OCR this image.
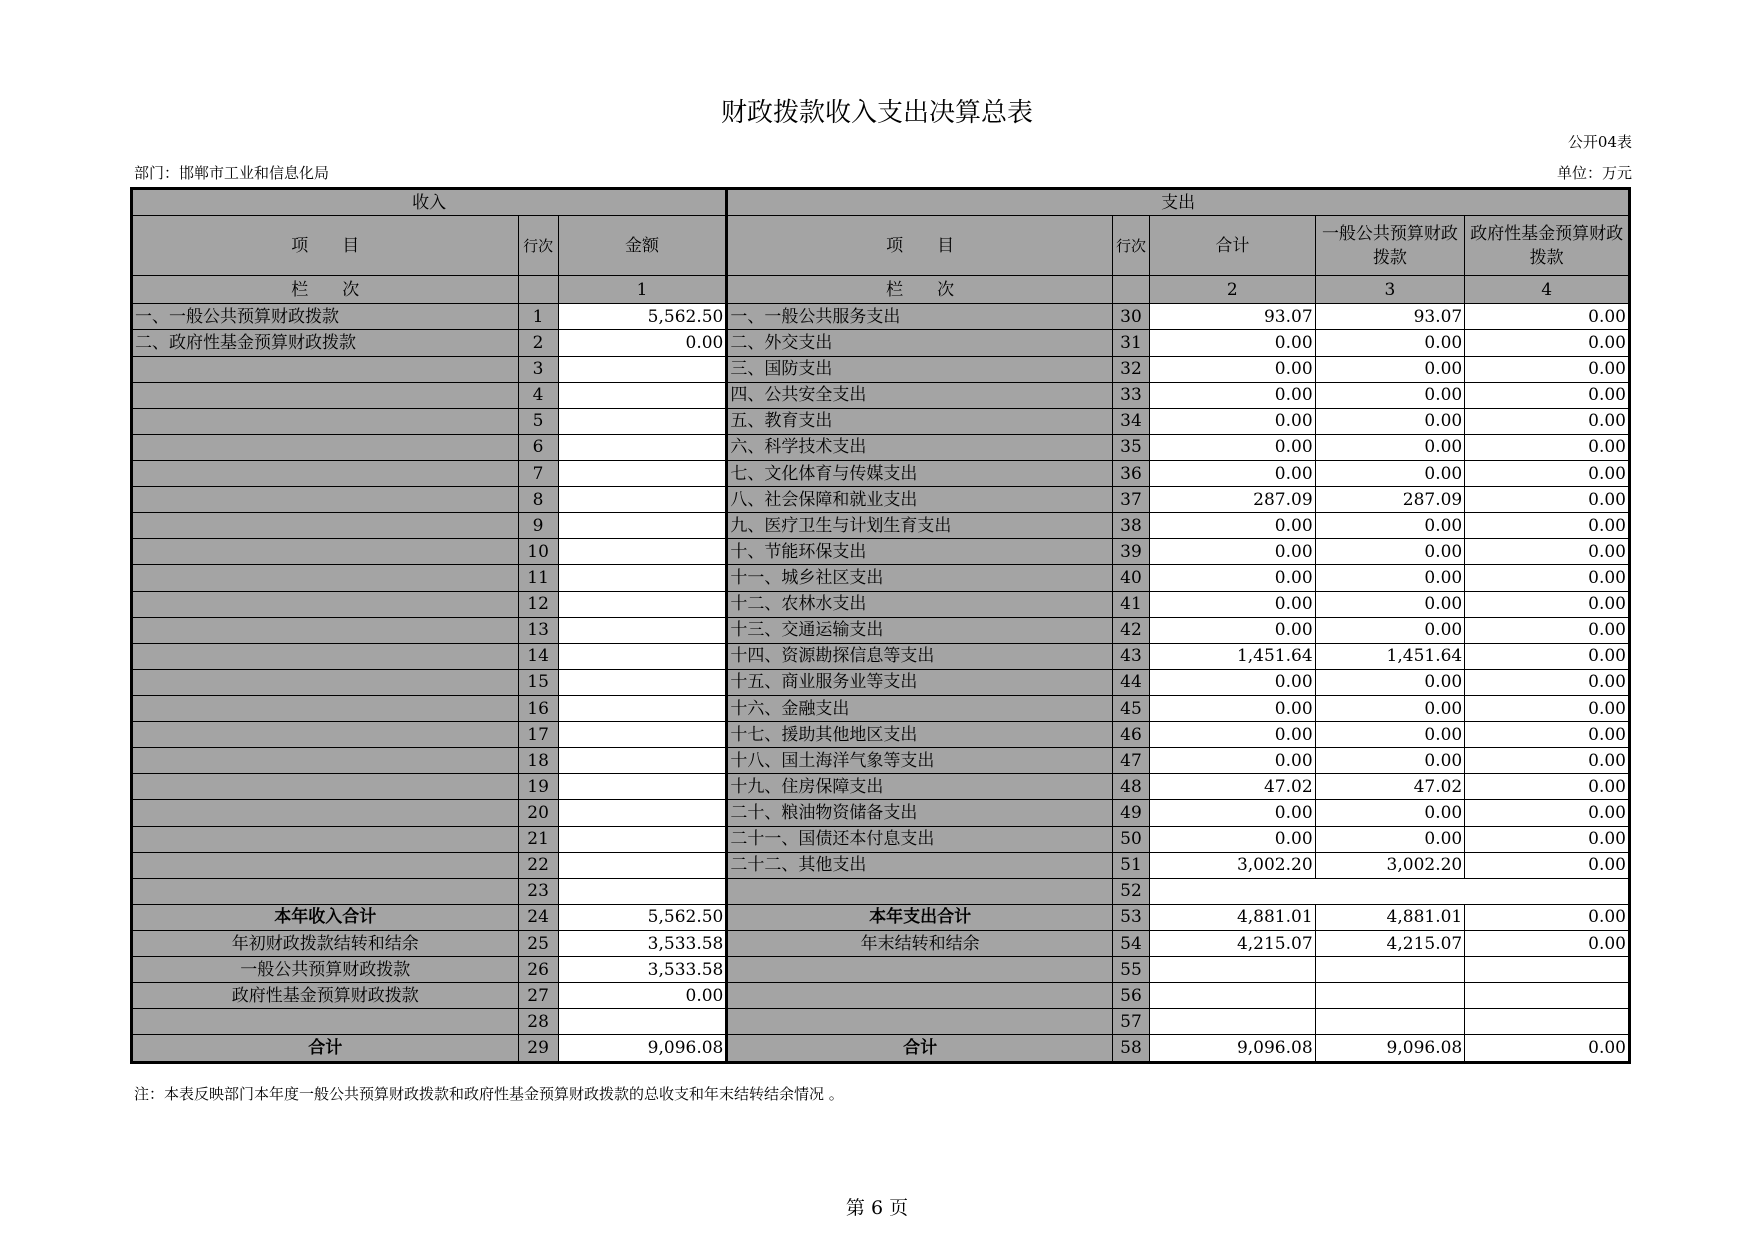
财政拨款收入支出决算总表
公开04表
部门：邯郸市工业和信息化局	单位：万元
收入			支出				
项　　目	行次	金额	项　　目	行次	合计	一般公共预算财政拨款	政府性基金预算财政拨款
栏　　次		1	栏　　次		2	3	4
一、一般公共预算财政拨款	1	5,562.50	一、一般公共服务支出	30	93.07	93.07	0.00
二、政府性基金预算财政拨款	2	0.00	二、外交支出	31	0.00	0.00	0.00
	3		三、国防支出	32	0.00	0.00	0.00
	4		四、公共安全支出	33	0.00	0.00	0.00
	5		五、教育支出	34	0.00	0.00	0.00
	6		六、科学技术支出	35	0.00	0.00	0.00
	7		七、文化体育与传媒支出	36	0.00	0.00	0.00
	8		八、社会保障和就业支出	37	287.09	287.09	0.00
	9		九、医疗卫生与计划生育支出	38	0.00	0.00	0.00
	10		十、节能环保支出	39	0.00	0.00	0.00
	11		十一、城乡社区支出	40	0.00	0.00	0.00
	12		十二、农林水支出	41	0.00	0.00	0.00
	13		十三、交通运输支出	42	0.00	0.00	0.00
	14		十四、资源勘探信息等支出	43	1,451.64	1,451.64	0.00
	15		十五、商业服务业等支出	44	0.00	0.00	0.00
	16		十六、金融支出	45	0.00	0.00	0.00
	17		十七、援助其他地区支出	46	0.00	0.00	0.00
	18		十八、国土海洋气象等支出	47	0.00	0.00	0.00
	19		十九、住房保障支出	48	47.02	47.02	0.00
	20		二十、粮油物资储备支出	49	0.00	0.00	0.00
	21		二十一、国债还本付息支出	50	0.00	0.00	0.00
	22		二十二、其他支出	51	3,002.20	3,002.20	0.00
	23			52			
本年收入合计	24	5,562.50	本年支出合计	53	4,881.01	4,881.01	0.00
年初财政拨款结转和结余	25	3,533.58	年末结转和结余	54	4,215.07	4,215.07	0.00
一般公共预算财政拨款	26	3,533.58		55			
政府性基金预算财政拨款	27	0.00		56			
	28			57			
合计	29	9,096.08	合计	58	9,096.08	9,096.08	0.00
注：本表反映部门本年度一般公共预算财政拨款和政府性基金预算财政拨款的总收支和年末结转结余情况 。
第 6 页
